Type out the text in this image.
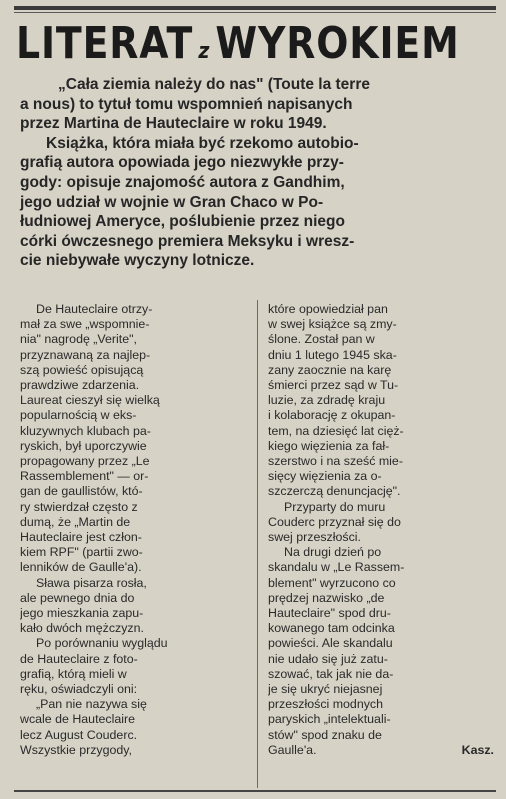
LITERAT z WYROKIEM
„Cała ziemia należy do nas" (Toute la terre
a nous) to tytuł tomu wspomnień napisanych
przez Martina de Hauteclaire w roku 1949.
Książka, która miała być rzekomo autobio-
grafią autora opowiada jego niezwykłe przy-
gody: opisuje znajomość autora z Gandhim,
jego udział w wojnie w Gran Chaco w Po-
łudniowej Ameryce, poślubienie przez niego
córki ówczesnego premiera Meksyku i wresz-
cie niebywałe wyczyny lotnicze.
De Hauteclaire otrzy-
mał za swe „wspomnie-
nia" nagrodę „Verite",
przyznawaną za najlep-
szą powieść opisującą
prawdziwe zdarzenia.
Laureat cieszył się wielką
popularnością w eks-
kluzywnych klubach pa-
ryskich, był uporczywie
propagowany przez „Le
Rassemblement" — or-
gan de gaullistów, któ-
ry stwierdzał często z
dumą, że „Martin de
Hauteclaire jest człon-
kiem RPF" (partii zwo-
lenników de Gaulle'a).
Sława pisarza rosła,
ale pewnego dnia do
jego mieszkania zapu-
kało dwóch mężczyzn.
Po porównaniu wyglądu
de Hauteclaire z foto-
grafią, którą mieli w
ręku, oświadczyli oni:
„Pan nie nazywa się
wcale de Hauteclaire
lecz August Couderc.
Wszystkie przygody,
które opowiedział pan
w swej książce są zmy-
ślone. Został pan w
dniu 1 lutego 1945 ska-
zany zaocznie na karę
śmierci przez sąd w Tu-
luzie, za zdradę kraju
i kolaborację z okupan-
tem, na dziesięć lat cięż-
kiego więzienia za fał-
szerstwo i na sześć mie-
sięcy więzienia za o-
szczerczą denuncjację".
Przyparty do muru
Couderc przyznał się do
swej przeszłości.
Na drugi dzień po
skandalu w „Le Rassem-
blement" wyrzucono co
prędzej nazwisko „de
Hauteclaire" spod dru-
kowanego tam odcinka
powieści. Ale skandalu
nie udało się już zatu-
szować, tak jak nie da-
je się ukryć niejasnej
przeszłości modnych
paryskich „intelektuali-
stów" spod znaku de
Gaulle'a.	Kasz.
